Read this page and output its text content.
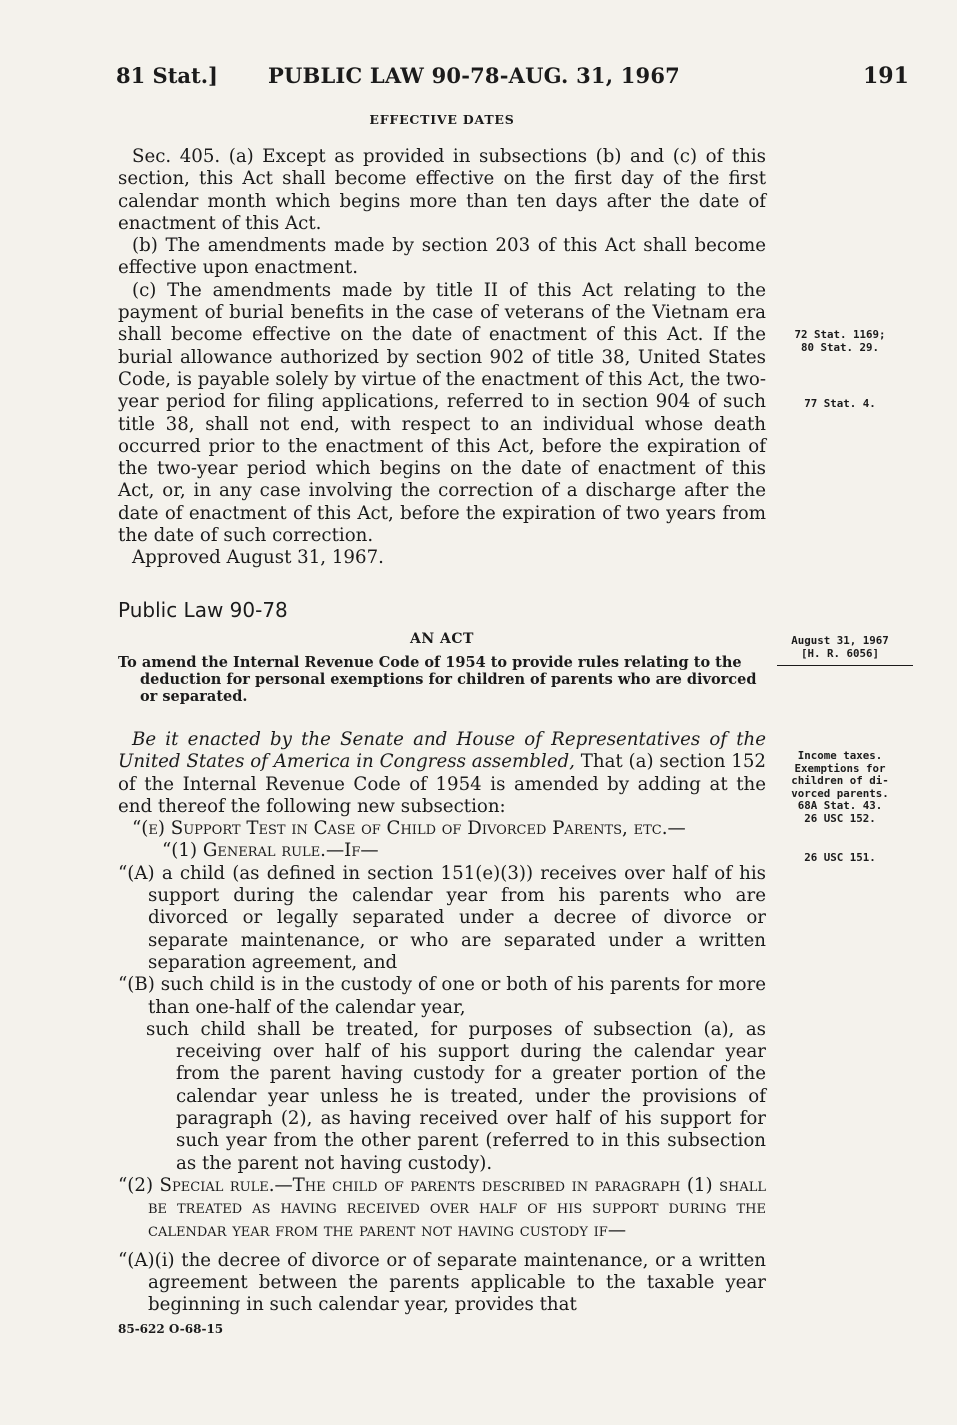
81 Stat.] PUBLIC LAW 90-78-AUG. 31, 1967	191
EFFECTIVE DATES

Sec. 405. (a) Except as provided in subsections (b) and (c) of this section, this Act shall become effective on the first day of the first calendar month which begins more than ten days after the date of enactment of this Act.

(b) The amendments made by section 203 of this Act shall become effective upon enactment.

(c) The amendments made by title II of this Act relating to the payment of burial benefits in the case of veterans of the Vietnam era shall become effective on the date of enactment of this Act. If the burial allowance authorized by section 902 of title 38, United States Code, is payable solely by virtue of the enactment of this Act, the two-year period for filing applications, referred to in section 904 of such title 38, shall not end, with respect to an individual whose death occurred prior to the enactment of this Act, before the expiration of the two-year period which begins on the date of enactment of this Act, or, in any case involving the correction of a discharge after the date of enactment of this Act, before the expiration of two years from the date of such correction.

Approved August 31, 1967.

Public Law 90-78
AN ACT

To amend the Internal Revenue Code of 1954 to provide rules relating to the deduction for personal exemptions for children of parents who are divorced or separated.

Be it enacted by the Senate and House of Representatives of the United States of America in Congress assembled, That (a) section 152 of the Internal Revenue Code of 1954 is amended by adding at the end thereof the following new subsection:

“(e) Support Test in Case of Child of Divorced Parents, etc.—

“(1) General rule.—If—

“(A) a child (as defined in section 151(e)(3)) receives over half of his support during the calendar year from his parents who are divorced or legally separated under a decree of divorce or separate maintenance, or who are separated under a written separation agreement, and

“(B) such child is in the custody of one or both of his parents for more than one-half of the calendar year,

such child shall be treated, for purposes of subsection (a), as receiving over half of his support during the calendar year from the parent having custody for a greater portion of the calendar year unless he is treated, under the provisions of paragraph (2), as having received over half of his support for such year from the other parent (referred to in this subsection as the parent not having custody).

“(2) Special rule.—The child of parents described in paragraph (1) shall be treated as having received over half of his support during the calendar year from the parent not having custody if—

“(A)(i) the decree of divorce or of separate maintenance, or a written agreement between the parents applicable to the taxable year beginning in such calendar year, provides that

72 Stat. 1169;
80 Stat. 29.
77 Stat. 4.
August 31, 1967
[H. R. 6056]
Income taxes.
Exemptions for
children of di-
vorced parents.
68A Stat. 43.
26 USC 152.
26 USC 151.
85-622 O-68-15
